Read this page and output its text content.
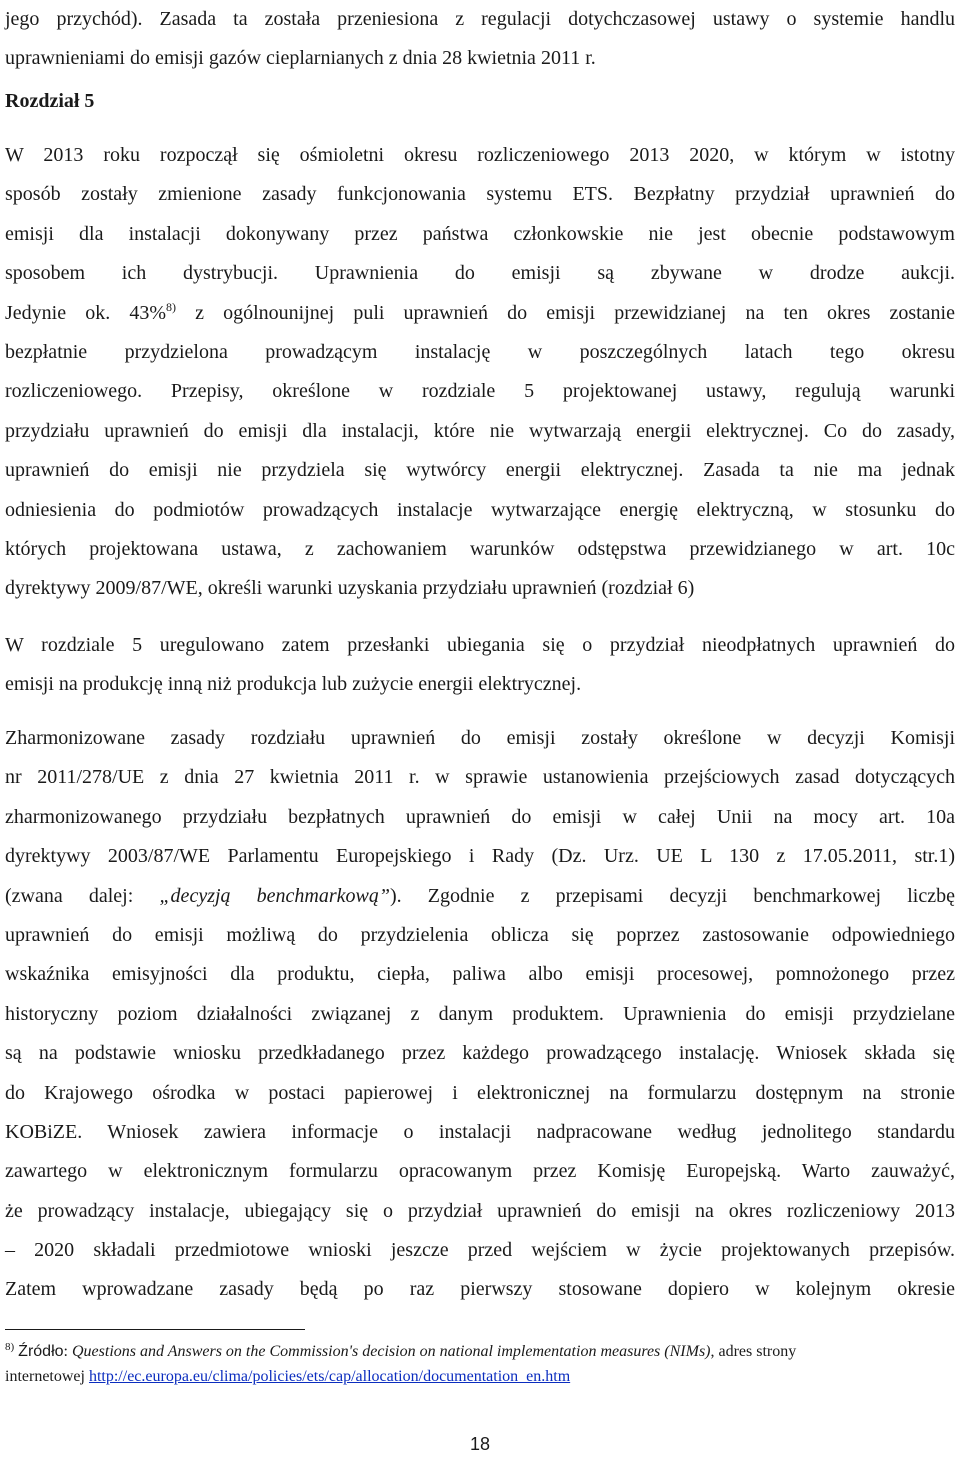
jego przychód). Zasada ta została przeniesiona z regulacji dotychczasowej ustawy o systemie handlu
uprawnieniami do emisji gazów cieplarnianych z dnia 28 kwietnia 2011 r.
Rozdział 5
W 2013 roku rozpoczął się ośmioletni okresu rozliczeniowego 2013 2020, w którym w istotny
sposób zostały zmienione zasady funkcjonowania systemu ETS. Bezpłatny przydział uprawnień do
emisji dla instalacji dokonywany przez państwa członkowskie nie jest obecnie podstawowym
sposobem ich dystrybucji. Uprawnienia do emisji są zbywane w drodze aukcji.
Jedynie ok. 43%$^{8)}$ z ogólnounijnej puli uprawnień do emisji przewidzianej na ten okres zostanie
bezpłatnie przydzielona prowadzącym instalację w poszczególnych latach tego okresu
rozliczeniowego. Przepisy, określone w rozdziale 5 projektowanej ustawy, regulują warunki
przydziału uprawnień do emisji dla instalacji, które nie wytwarzają energii elektrycznej. Co do zasady,
uprawnień do emisji nie przydziela się wytwórcy energii elektrycznej. Zasada ta nie ma jednak
odniesienia do podmiotów prowadzących instalacje wytwarzające energię elektryczną, w stosunku do
których projektowana ustawa, z zachowaniem warunków odstępstwa przewidzianego w art. 10c
dyrektywy 2009/87/WE, określi warunki uzyskania przydziału uprawnień (rozdział 6)
W rozdziale 5 uregulowano zatem przesłanki ubiegania się o przydział nieodpłatnych uprawnień do
emisji na produkcję inną niż produkcja lub zużycie energii elektrycznej.
Zharmonizowane zasady rozdziału uprawnień do emisji zostały określone w decyzji Komisji
nr 2011/278/UE z dnia 27 kwietnia 2011 r. w sprawie ustanowienia przejściowych zasad dotyczących
zharmonizowanego przydziału bezpłatnych uprawnień do emisji w całej Unii na mocy art. 10a
dyrektywy 2003/87/WE Parlamentu Europejskiego i Rady (Dz. Urz. UE L 130 z 17.05.2011, str.1)
(zwana dalej: „decyzją benchmarkową”). Zgodnie z przepisami decyzji benchmarkowej liczbę
uprawnień do emisji możliwą do przydzielenia oblicza się poprzez zastosowanie odpowiedniego
wskaźnika emisyjności dla produktu, ciepła, paliwa albo emisji procesowej, pomnożonego przez
historyczny poziom działalności związanej z danym produktem. Uprawnienia do emisji przydzielane
są na podstawie wniosku przedkładanego przez każdego prowadzącego instalację. Wniosek składa się
do Krajowego ośrodka w postaci papierowej i elektronicznej na formularzu dostępnym na stronie
KOBiZE. Wniosek zawiera informacje o instalacji nadpracowane według jednolitego standardu
zawartego w elektronicznym formularzu opracowanym przez Komisję Europejską. Warto zauważyć,
że prowadzący instalacje, ubiegający się o przydział uprawnień do emisji na okres rozliczeniowy 2013
– 2020 składali przedmiotowe wnioski jeszcze przed wejściem w życie projektowanych przepisów.
Zatem wprowadzane zasady będą po raz pierwszy stosowane dopiero w kolejnym okresie
$^{8)}$ Źródło: Questions and Answers on the Commission's decision on national implementation measures (NIMs), adres strony
internetowej http://ec.europa.eu/clima/policies/ets/cap/allocation/documentation_en.htm
18
